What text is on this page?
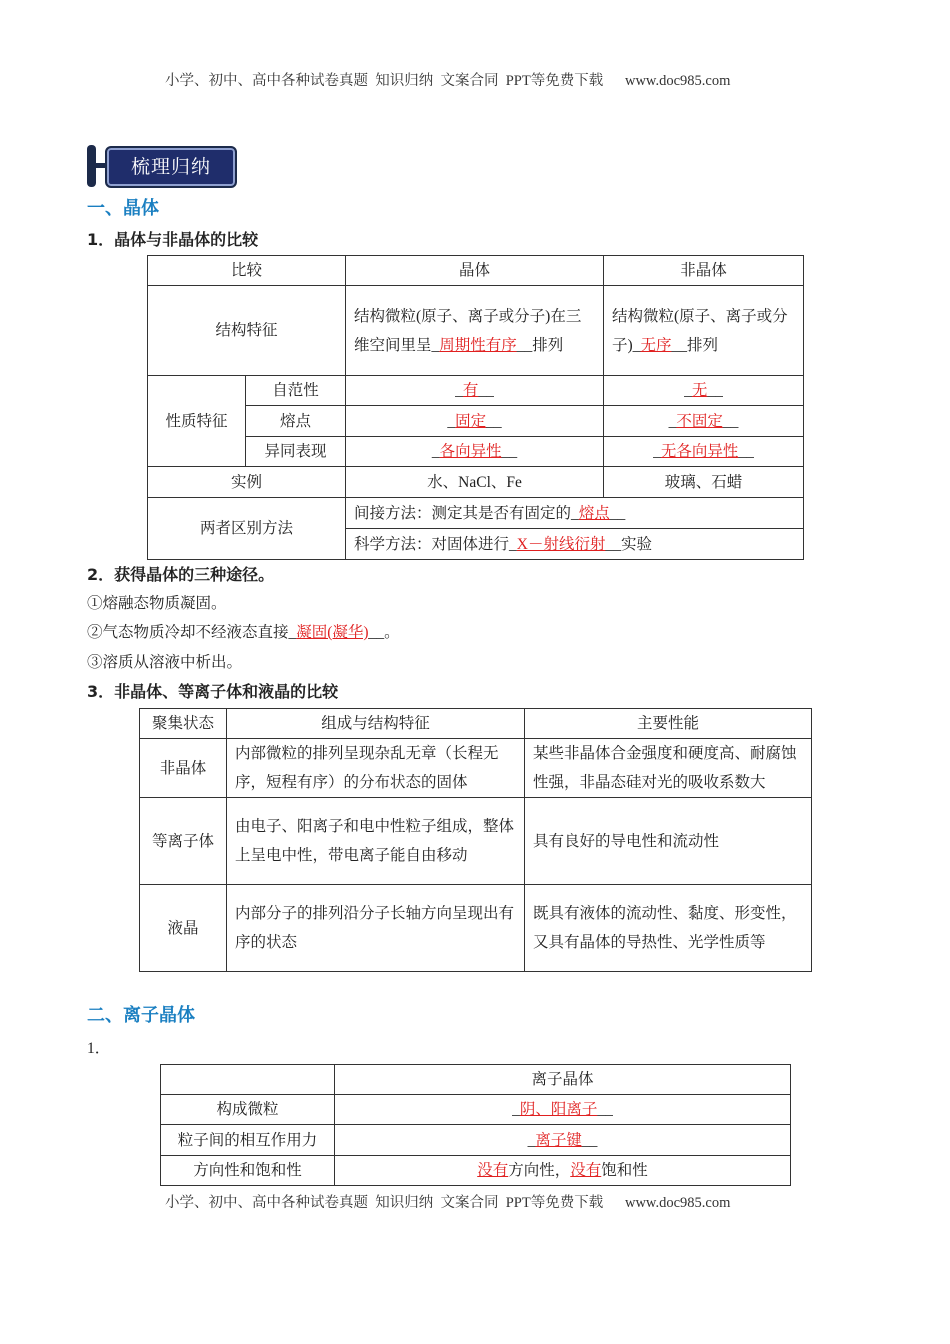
小学、初中、高中各种试卷真题  知识归纳  文案合同  PPT等免费下载      www.doc985.com
梳理归纳
一、晶体
1．晶体与非晶体的比较
比较		晶体	非晶体
结构特征		结构微粒(原子、离子或分子)在三维空间里呈_周期性有序__排列	结构微粒(原子、离子或分子)_无序__排列
性质特征	自范性	_有__	_无__
	熔点	_固定__	_不固定__
	异同表现	_各向异性__	_无各向异性__
实例		水、NaCl、Fe	玻璃、石蜡
两者区别方法		间接方法：测定其是否有固定的_熔点__	
		科学方法：对固体进行_X－射线衍射__实验	
2．获得晶体的三种途径。
①熔融态物质凝固。
②气态物质冷却不经液态直接_凝固(凝华)__。
③溶质从溶液中析出。
3．非晶体、等离子体和液晶的比较
聚集状态	组成与结构特征	主要性能
非晶体	内部微粒的排列呈现杂乱无章（长程无序，短程有序）的分布状态的固体	某些非晶体合金强度和硬度高、耐腐蚀性强，非晶态硅对光的吸收系数大
等离子体	由电子、阳离子和电中性粒子组成，整体上呈电中性，带电离子能自由移动	具有良好的导电性和流动性
液晶	内部分子的排列沿分子长轴方向呈现出有序的状态	既具有液体的流动性、黏度、形变性，又具有晶体的导热性、光学性质等
二、离子晶体
1．
	离子晶体
构成微粒	_阴、阳离子__
粒子间的相互作用力	_离子键__
方向性和饱和性	没有方向性，没有饱和性
小学、初中、高中各种试卷真题  知识归纳  文案合同  PPT等免费下载      www.doc985.com
